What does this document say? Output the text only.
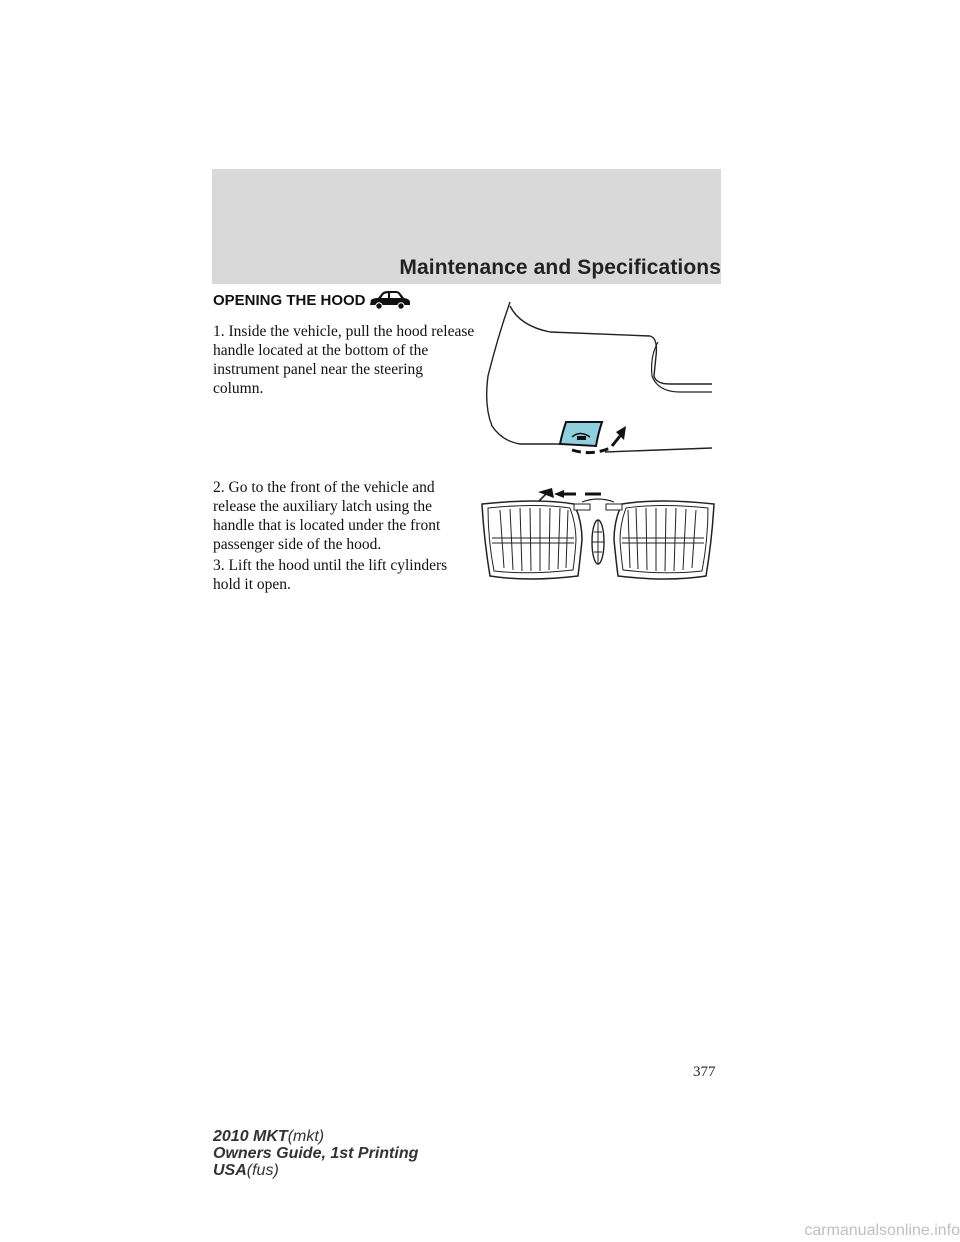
Maintenance and Specifications
OPENING THE HOOD

1. Inside the vehicle, pull the hood release handle located at the bottom of the instrument panel near the steering column.

2. Go to the front of the vehicle and release the auxiliary latch using the handle that is located under the front passenger side of the hood.

3. Lift the hood until the lift cylinders hold it open.

377
2010 MKT(mkt)
Owners Guide, 1st Printing
USA(fus)
carmanualsonline.info
